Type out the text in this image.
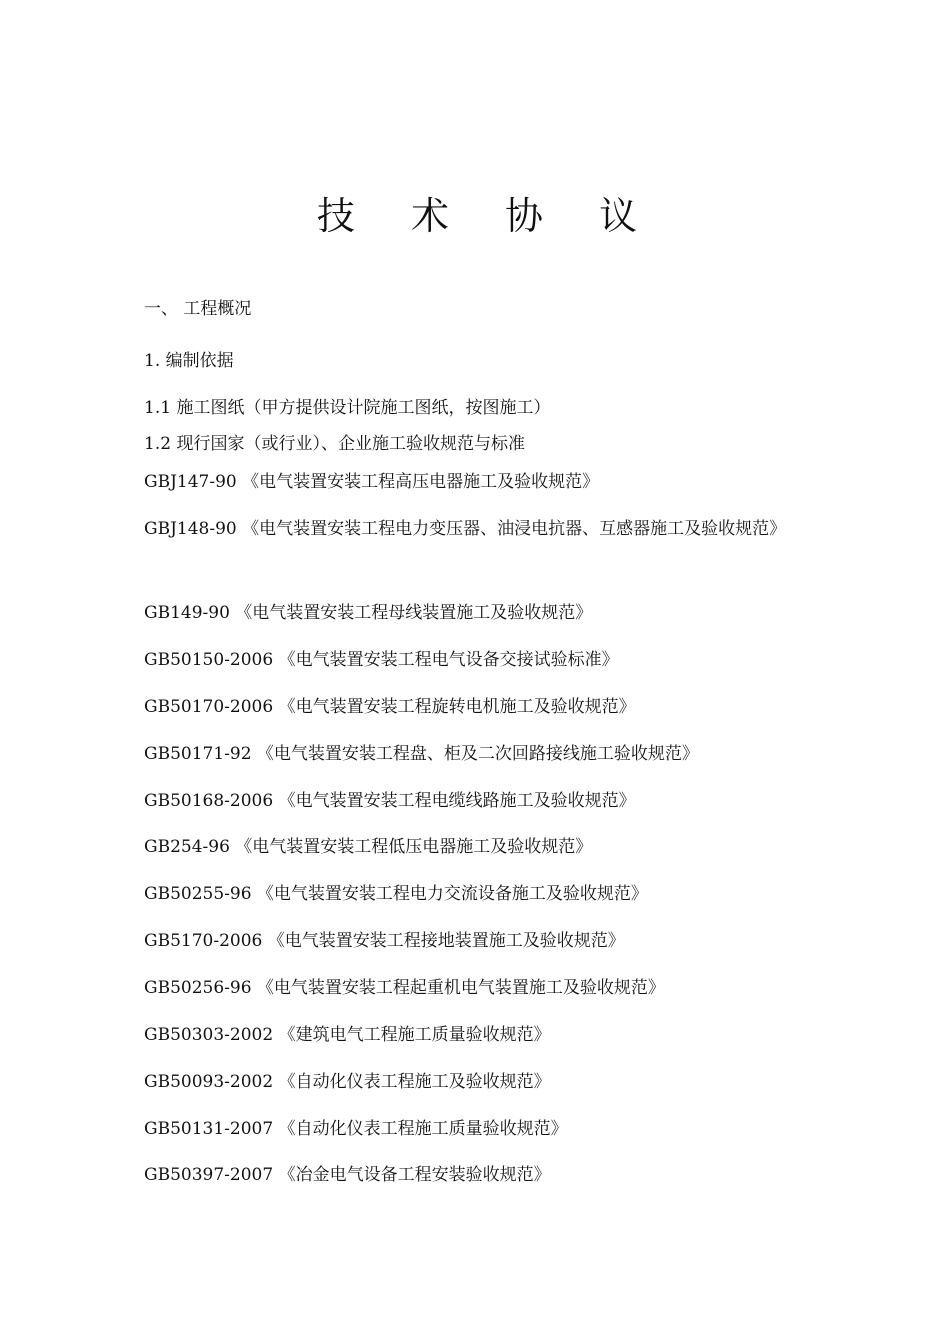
技 术 协 议
一、 工程概况
1. 编制依据
1.1 施工图纸（甲方提供设计院施工图纸，按图施工）
1.2 现行国家（或行业）、企业施工验收规范与标准
GBJ147-90 《电气装置安装工程高压电器施工及验收规范》
GBJ148-90 《电气装置安装工程电力变压器、油浸电抗器、互感器施工及验收规范》
GB149-90 《电气装置安装工程母线装置施工及验收规范》
GB50150-2006 《电气装置安装工程电气设备交接试验标准》
GB50170-2006 《电气装置安装工程旋转电机施工及验收规范》
GB50171-92 《电气装置安装工程盘、柜及二次回路接线施工验收规范》
GB50168-2006 《电气装置安装工程电缆线路施工及验收规范》
GB254-96 《电气装置安装工程低压电器施工及验收规范》
GB50255-96 《电气装置安装工程电力交流设备施工及验收规范》
GB5170-2006 《电气装置安装工程接地装置施工及验收规范》
GB50256-96 《电气装置安装工程起重机电气装置施工及验收规范》
GB50303-2002 《建筑电气工程施工质量验收规范》
GB50093-2002 《自动化仪表工程施工及验收规范》
GB50131-2007 《自动化仪表工程施工质量验收规范》
GB50397-2007 《冶金电气设备工程安装验收规范》
